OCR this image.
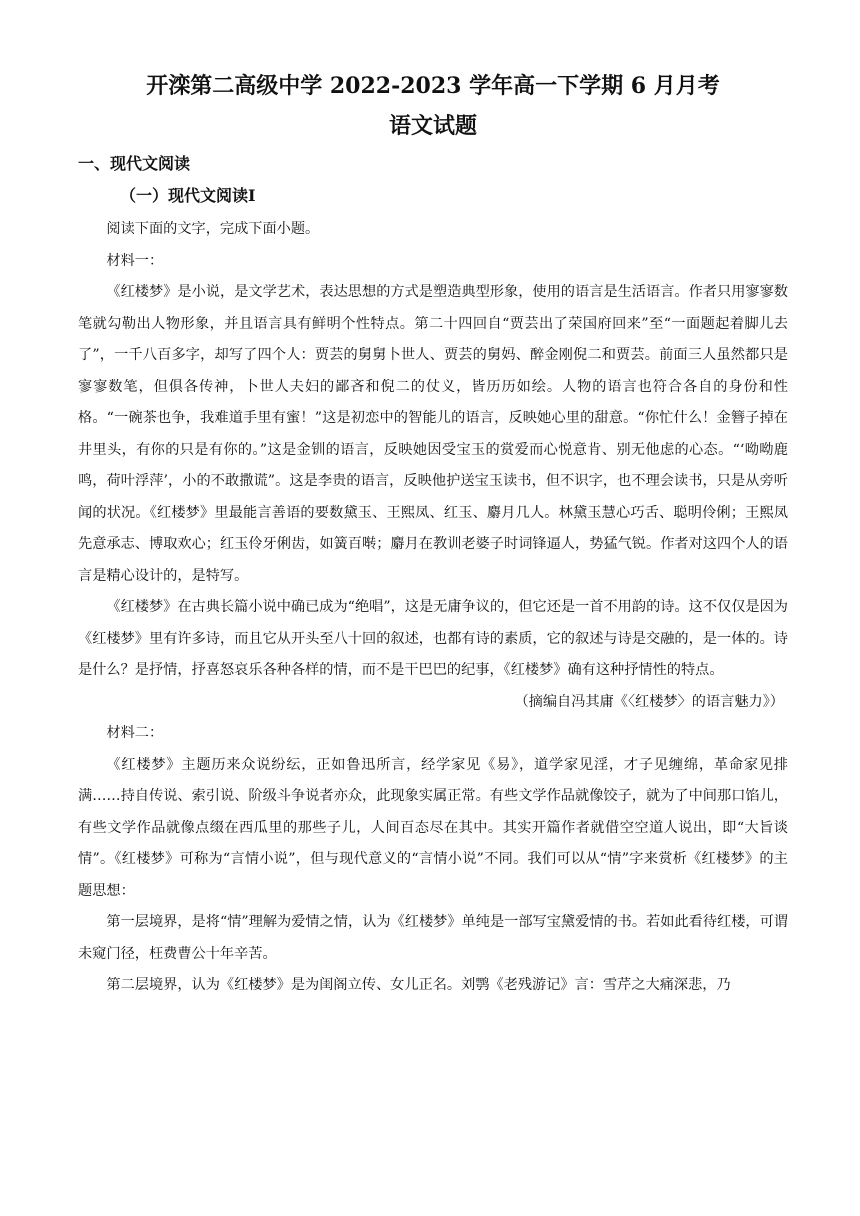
开滦第二高级中学 2022-2023 学年高一下学期 6 月月考
语文试题

一、现代文阅读

（一）现代文阅读Ⅰ

阅读下面的文字，完成下面小题。

材料一：

《红楼梦》是小说，是文学艺术，表达思想的方式是塑造典型形象，使用的语言是生活语言。作者只用寥寥数笔就勾勒出人物形象，并且语言具有鲜明个性特点。第二十四回自“贾芸出了荣国府回来”至“一面题起着脚儿去了”，一千八百多字，却写了四个人：贾芸的舅舅卜世人、贾芸的舅妈、醉金刚倪二和贾芸。前面三人虽然都只是寥寥数笔，但俱各传神，卜世人夫妇的鄙吝和倪二的仗义，皆历历如绘。人物的语言也符合各自的身份和性格。“一碗茶也争，我难道手里有蜜！”这是初恋中的智能儿的语言，反映她心里的甜意。“你忙什么！金簪子掉在井里头，有你的只是有你的。”这是金钏的语言，反映她因受宝玉的赏爱而心悦意肯、别无他虑的心态。“‘呦呦鹿鸣，荷叶浮萍’，小的不敢撒谎”。这是李贵的语言，反映他护送宝玉读书，但不识字，也不理会读书，只是从旁听闻的状况。《红楼梦》里最能言善语的要数黛玉、王熙凤、红玉、麝月几人。林黛玉慧心巧舌、聪明伶俐；王熙凤先意承志、博取欢心；红玉伶牙俐齿，如簧百啭；麝月在教训老婆子时词锋逼人，势猛气锐。作者对这四个人的语言是精心设计的，是特写。

《红楼梦》在古典长篇小说中确已成为“绝唱”，这是无庸争议的，但它还是一首不用韵的诗。这不仅仅是因为《红楼梦》里有许多诗，而且它从开头至八十回的叙述，也都有诗的素质，它的叙述与诗是交融的，是一体的。诗是什么？是抒情，抒喜怒哀乐各种各样的情，而不是干巴巴的纪事，《红楼梦》确有这种抒情性的特点。

（摘编自冯其庸《〈红楼梦〉的语言魅力》）

材料二：

《红楼梦》主题历来众说纷纭，正如鲁迅所言，经学家见《易》，道学家见淫，才子见缠绵，革命家见排满……持自传说、索引说、阶级斗争说者亦众，此现象实属正常。有些文学作品就像饺子，就为了中间那口馅儿，有些文学作品就像点缀在西瓜里的那些子儿，人间百态尽在其中。其实开篇作者就借空空道人说出，即“大旨谈情”。《红楼梦》可称为“言情小说”，但与现代意义的“言情小说”不同。我们可以从“情”字来赏析《红楼梦》的主题思想：

第一层境界，是将“情”理解为爱情之情，认为《红楼梦》单纯是一部写宝黛爱情的书。若如此看待红楼，可谓未窥门径，枉费曹公十年辛苦。

第二层境界，认为《红楼梦》是为闺阁立传、女儿正名。刘鹗《老残游记》言：雪芹之大痛深悲，乃
